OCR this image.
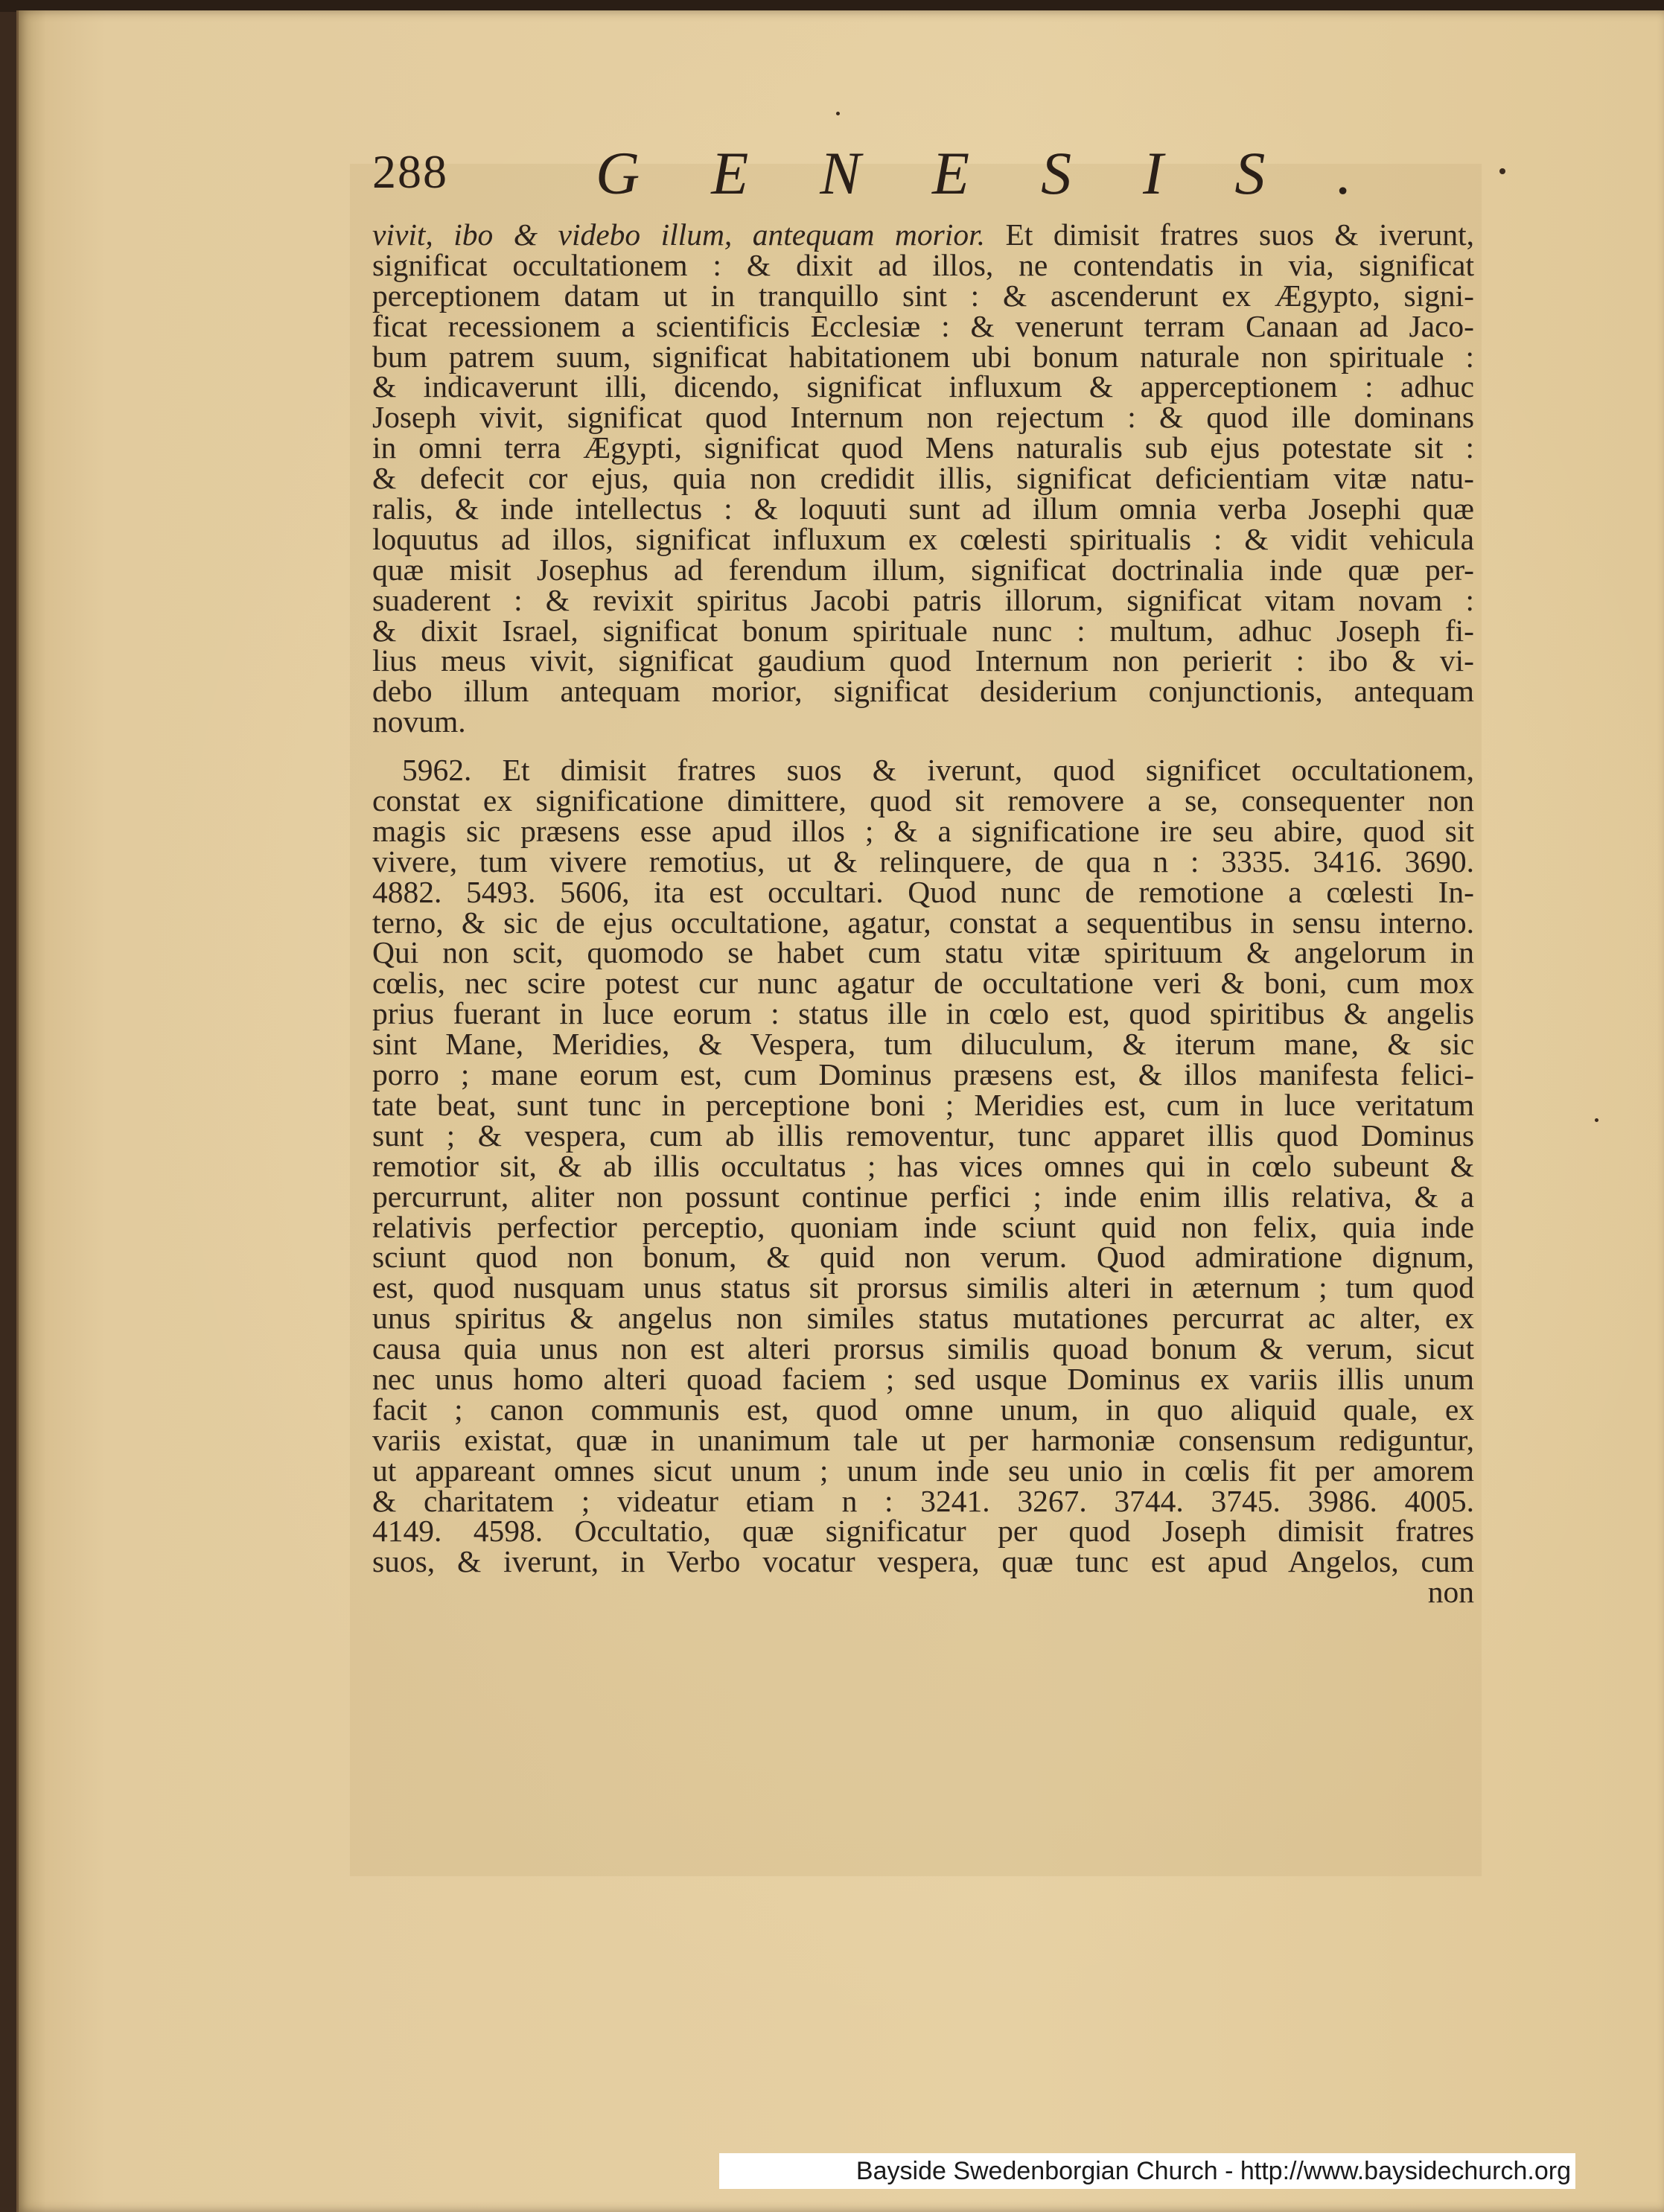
288 GENESIS.
vivit, ibo & videbo illum, antequam morior. Et dimisit fratres suos & iverunt,
significat occultationem : & dixit ad illos, ne contendatis in via, significat
perceptionem datam ut in tranquillo sint : & ascenderunt ex Ægypto, signi-
ficat recessionem a scientificis Ecclesiæ : & venerunt terram Canaan ad Jaco-
bum patrem suum, significat habitationem ubi bonum naturale non spirituale :
& indicaverunt illi, dicendo, significat influxum & apperceptionem : adhuc
Joseph vivit, significat quod Internum non rejectum : & quod ille dominans
in omni terra Ægypti, significat quod Mens naturalis sub ejus potestate sit :
& defecit cor ejus, quia non credidit illis, significat deficientiam vitæ natu-
ralis, & inde intellectus : & loquuti sunt ad illum omnia verba Josephi quæ
loquutus ad illos, significat influxum ex cœlesti spiritualis : & vidit vehicula
quæ misit Josephus ad ferendum illum, significat doctrinalia inde quæ per-
suaderent : & revixit spiritus Jacobi patris illorum, significat vitam novam :
& dixit Israel, significat bonum spirituale nunc : multum, adhuc Joseph fi-
lius meus vivit, significat gaudium quod Internum non perierit : ibo & vi-
debo illum antequam morior, significat desiderium conjunctionis, antequam
novum.
5962. Et dimisit fratres suos & iverunt, quod significet occultationem,
constat ex significatione dimittere, quod sit removere a se, consequenter non
magis sic præsens esse apud illos ; & a significatione ire seu abire, quod sit
vivere, tum vivere remotius, ut & relinquere, de qua n : 3335. 3416. 3690.
4882. 5493. 5606, ita est occultari. Quod nunc de remotione a cœlesti In-
terno, & sic de ejus occultatione, agatur, constat a sequentibus in sensu interno.
Qui non scit, quomodo se habet cum statu vitæ spirituum & angelorum in
cœlis, nec scire potest cur nunc agatur de occultatione veri & boni, cum mox
prius fuerant in luce eorum : status ille in cœlo est, quod spiritibus & angelis
sint Mane, Meridies, & Vespera, tum diluculum, & iterum mane, & sic
porro ; mane eorum est, cum Dominus præsens est, & illos manifesta felici-
tate beat, sunt tunc in perceptione boni ; Meridies est, cum in luce veritatum
sunt ; & vespera, cum ab illis removentur, tunc apparet illis quod Dominus
remotior sit, & ab illis occultatus ; has vices omnes qui in cœlo subeunt &
percurrunt, aliter non possunt continue perfici ; inde enim illis relativa, & a
relativis perfectior perceptio, quoniam inde sciunt quid non felix, quia inde
sciunt quod non bonum, & quid non verum. Quod admiratione dignum,
est, quod nusquam unus status sit prorsus similis alteri in æternum ; tum quod
unus spiritus & angelus non similes status mutationes percurrat ac alter, ex
causa quia unus non est alteri prorsus similis quoad bonum & verum, sicut
nec unus homo alteri quoad faciem ; sed usque Dominus ex variis illis unum
facit ; canon communis est, quod omne unum, in quo aliquid quale, ex
variis existat, quæ in unanimum tale ut per harmoniæ consensum rediguntur,
ut appareant omnes sicut unum ; unum inde seu unio in cœlis fit per amorem
& charitatem ; videatur etiam n : 3241. 3267. 3744. 3745. 3986. 4005.
4149. 4598. Occultatio, quæ significatur per quod Joseph dimisit fratres
suos, & iverunt, in Verbo vocatur vespera, quæ tunc est apud Angelos, cum
non
Bayside Swedenborgian Church - http://www.baysidechurch.org
